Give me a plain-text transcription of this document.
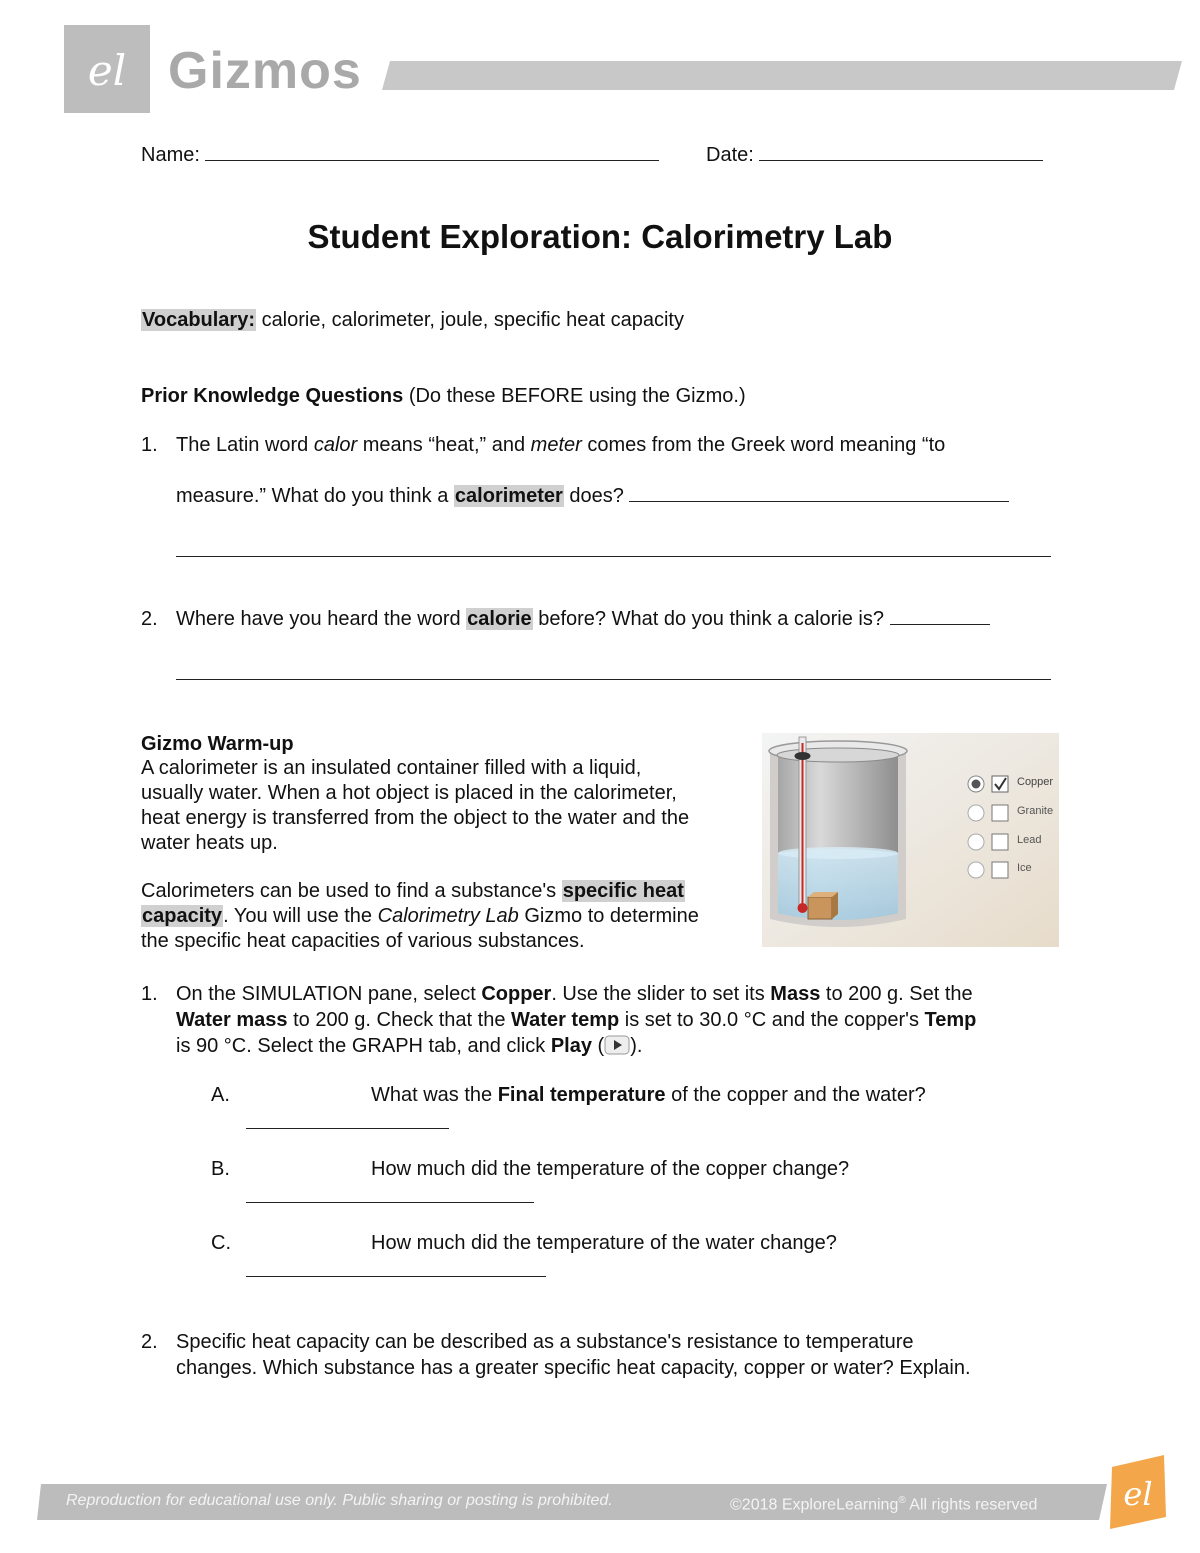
el Gizmos
Name:	Date:
Student Exploration: Calorimetry Lab
Vocabulary: calorie, calorimeter, joule, specific heat capacity
Prior Knowledge Questions (Do these BEFORE using the Gizmo.)
1. The Latin word calor means “heat,” and meter comes from the Greek word meaning “to
measure.” What do you think a calorimeter does?
2. Where have you heard the word calorie before? What do you think a calorie is?
Gizmo Warm-up
A calorimeter is an insulated container filled with a liquid,
usually water. When a hot object is placed in the calorimeter,
heat energy is transferred from the object to the water and the
water heats up.
Calorimeters can be used to find a substance's specific heat
capacity. You will use the Calorimetry Lab Gizmo to determine
the specific heat capacities of various substances.
Copper
Granite
Lead
Ice
1. On the SIMULATION pane, select Copper. Use the slider to set its Mass to 200 g. Set the
Water mass to 200 g. Check that the Water temp is set to 30.0 °C and the copper's Temp
is 90 °C. Select the GRAPH tab, and click Play ( ).
A.	What was the Final temperature of the copper and the water?
B.	How much did the temperature of the copper change?
C.	How much did the temperature of the water change?
2. Specific heat capacity can be described as a substance's resistance to temperature
changes. Which substance has a greater specific heat capacity, copper or water? Explain.
Reproduction for educational use only. Public sharing or posting is prohibited.	©2018 ExploreLearning® All rights reserved	el
